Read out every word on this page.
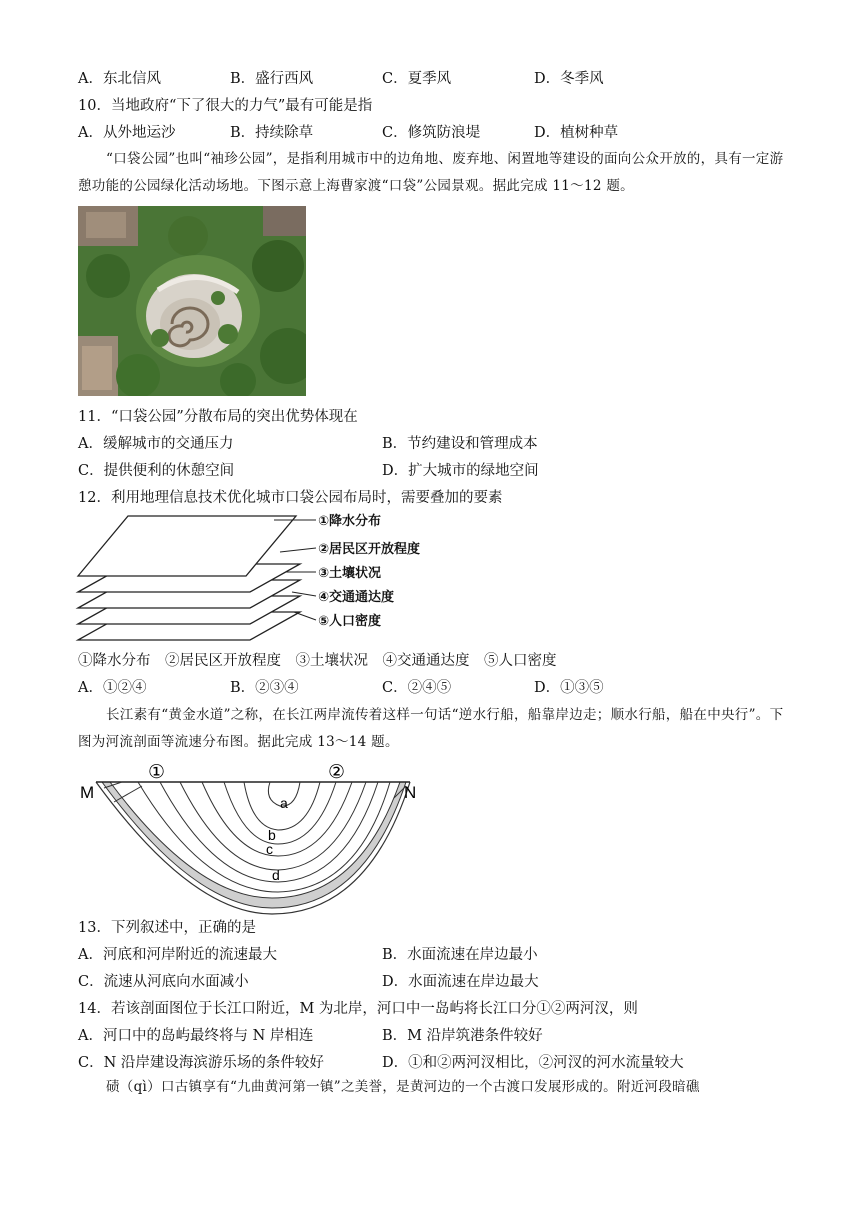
A．东北信风	B．盛行西风	C．夏季风	D．冬季风
10．当地政府“下了很大的力气”最有可能是指
A．从外地运沙	B．持续除草	C．修筑防浪堤	D．植树种草
“口袋公园”也叫“袖珍公园”，是指利用城市中的边角地、废弃地、闲置地等建设的面向公众开放的，具有一定游憩功能的公园绿化活动场地。下图示意上海曹家渡“口袋”公园景观。据此完成 11～12 题。
11．“口袋公园”分散布局的突出优势体现在
A．缓解城市的交通压力	B．节约建设和管理成本
C．提供便利的休憩空间	D．扩大城市的绿地空间
12．利用地理信息技术优化城市口袋公园布局时，需要叠加的要素
①降水分布
②居民区开放程度
③土壤状况
④交通通达度
⑤人口密度
①降水分布　②居民区开放程度　③土壤状况　④交通通达度　⑤人口密度
A．①②④	B．②③④	C．②④⑤	D．①③⑤
长江素有“黄金水道”之称，在长江两岸流传着这样一句话“逆水行船，船靠岸边走；顺水行船，船在中央行”。下图为河流剖面等流速分布图。据此完成 13～14 题。
M	N
①	②
a
b
c
d
13．下列叙述中，正确的是
A．河底和河岸附近的流速最大	B．水面流速在岸边最小
C．流速从河底向水面减小	D．水面流速在岸边最大
14．若该剖面图位于长江口附近，M 为北岸，河口中一岛屿将长江口分①②两河汊，则
A．河口中的岛屿最终将与 N 岸相连	B．M 沿岸筑港条件较好
C．N 沿岸建设海滨游乐场的条件较好	D．①和②两河汊相比，②河汊的河水流量较大
碛（qì）口古镇享有“九曲黄河第一镇”之美誉，是黄河边的一个古渡口发展形成的。附近河段暗礁
